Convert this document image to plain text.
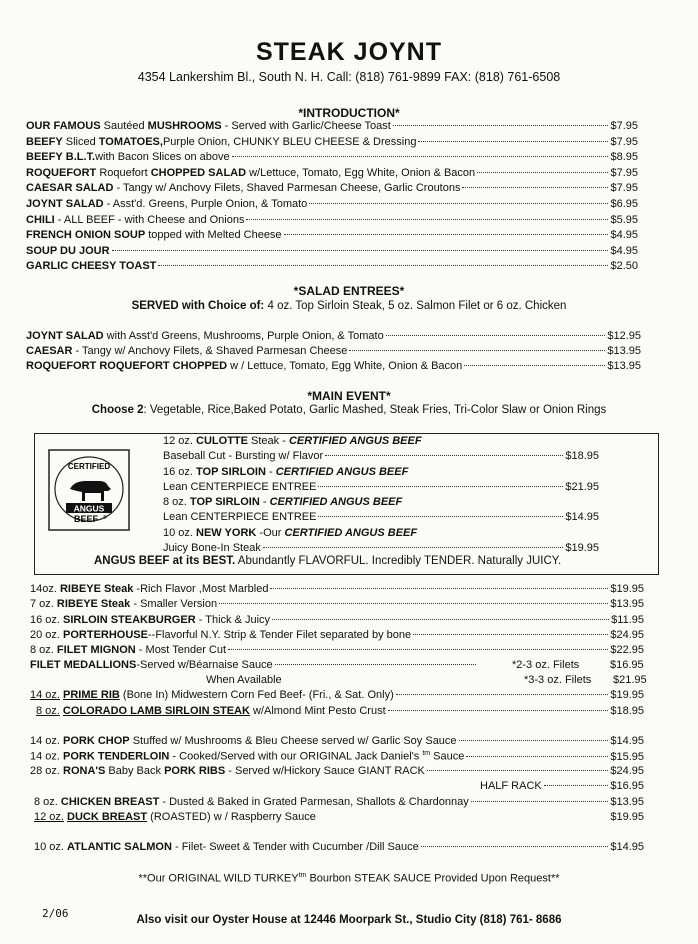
STEAK JOYNT
4354 Lankershim Bl., South N. H. Call: (818) 761-9899 FAX: (818) 761-6508
*INTRODUCTION*
OUR FAMOUS Sautéed MUSHROOMS - Served with Garlic/Cheese Toast	$7.95
BEEFY Sliced TOMATOES,Purple Onion, CHUNKY BLEU CHEESE & Dressing	$7.95
BEEFY B.L.T.with Bacon Slices on above	$8.95
ROQUEFORT Roquefort CHOPPED SALAD w/Lettuce, Tomato, Egg White, Onion & Bacon	$7.95
CAESAR SALAD - Tangy w/ Anchovy Filets, Shaved Parmesan Cheese, Garlic Croutons	$7.95
JOYNT SALAD - Asst'd. Greens, Purple Onion, & Tomato	$6.95
CHILI - ALL BEEF - with Cheese and Onions	$5.95
FRENCH ONION SOUP topped with Melted Cheese	$4.95
SOUP DU JOUR	$4.95
GARLIC CHEESY TOAST	$2.50
*SALAD ENTREES*
SERVED with Choice of: 4 oz. Top Sirloin Steak, 5 oz. Salmon Filet or 6 oz. Chicken
JOYNT SALAD with Asst'd Greens, Mushrooms, Purple Onion, & Tomato	$12.95
CAESAR - Tangy w/ Anchovy Filets, & Shaved Parmesan Cheese	$13.95
ROQUEFORT ROQUEFORT CHOPPED w / Lettuce, Tomato, Egg White, Onion & Bacon	$13.95
*MAIN EVENT*
Choose 2: Vegetable, Rice,Baked Potato, Garlic Mashed, Steak Fries, Tri-Color Slaw or Onion Rings
CERTIFIED
ANGUS
BEEF ®
12 oz. CULOTTE Steak - CERTIFIED ANGUS BEEF
Baseball Cut - Bursting w/ Flavor	$18.95
16 oz. TOP SIRLOIN - CERTIFIED ANGUS BEEF
Lean CENTERPIECE ENTREE	$21.95
8 oz. TOP SIRLOIN - CERTIFIED ANGUS BEEF
Lean CENTERPIECE ENTREE	$14.95
10 oz. NEW YORK -Our CERTIFIED ANGUS BEEF
Juicy Bone-In Steak	$19.95
ANGUS BEEF at its BEST. Abundantly FLAVORFUL. Incredibly TENDER. Naturally JUICY.
14oz. RIBEYE Steak -Rich Flavor ,Most Marbled	$19.95
7 oz. RIBEYE Steak - Smaller Version	$13.95
16 oz. SIRLOIN STEAKBURGER - Thick & Juicy	$11.95
20 oz. PORTERHOUSE--Flavorful N.Y. Strip & Tender Filet separated by bone	$24.95
8 oz. FILET MIGNON - Most Tender Cut	$22.95
FILET MEDALLIONS-Served w/Béarnaise Sauce	*2-3 oz. Filets	$16.95
When Available	*3-3 oz. Filets $21.95
14 oz. PRIME RIB (Bone In) Midwestern Corn Fed Beef- (Fri., & Sat. Only)	$19.95
8 oz. COLORADO LAMB SIRLOIN STEAK w/Almond Mint Pesto Crust	$18.95
14 oz. PORK CHOP Stuffed w/ Mushrooms & Bleu Cheese served w/ Garlic Soy Sauce	$14.95
14 oz. PORK TENDERLOIN - Cooked/Served with our ORIGINAL Jack Daniel's $^{tm}$ Sauce	$15.95
28 oz. RONA'S Baby Back PORK RIBS - Served w/Hickory Sauce GIANT RACK	$24.95
HALF RACK	$16.95
8 oz. CHICKEN BREAST - Dusted & Baked in Grated Parmesan, Shallots & Chardonnay	$13.95
12 oz. DUCK BREAST (ROASTED) w / Raspberry Sauce	$19.95
10 oz. ATLANTIC SALMON - Filet- Sweet & Tender with Cucumber /Dill Sauce	$14.95
**Our ORIGINAL WILD $TURKEY^{tm}$ Bourbon STEAK SAUCE Provided Upon Request**
2/06	Also visit our Oyster House at 12446 Moorpark St., Studio City (818) 761- 8686
